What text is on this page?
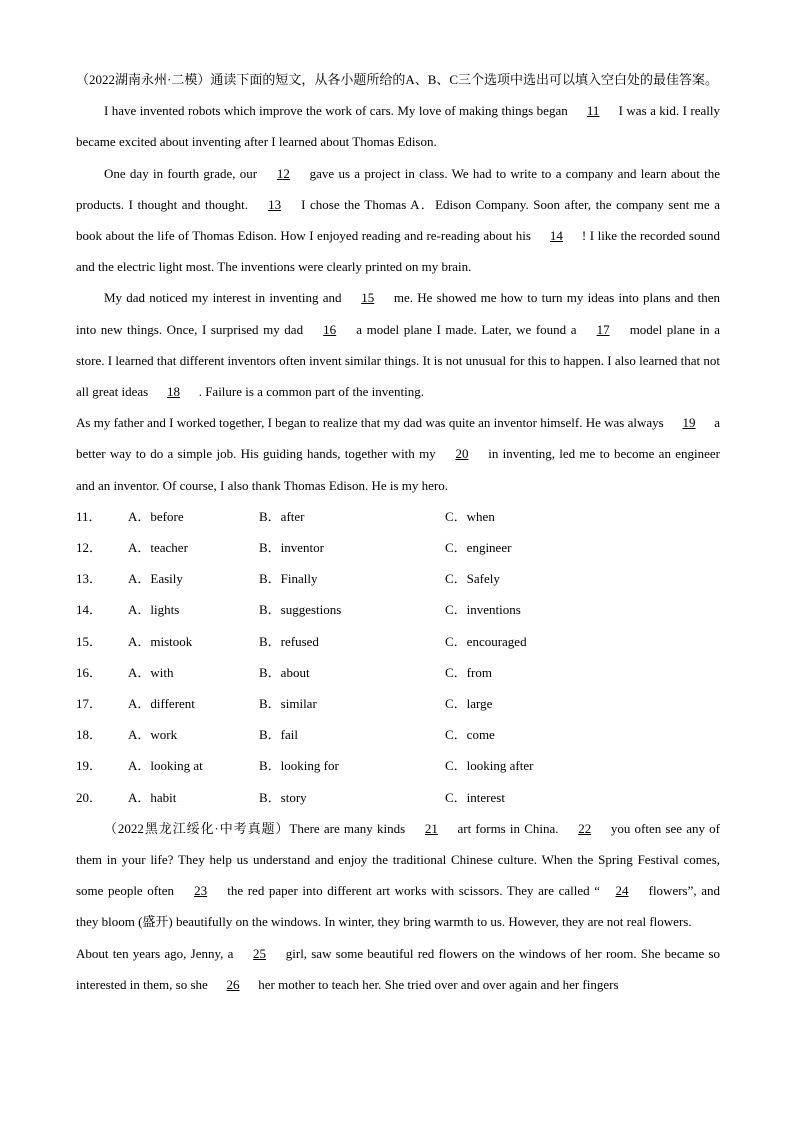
（2022湖南永州·二模）通读下面的短文，从各小题所给的A、B、C三个选项中选出可以填入空白处的最佳答案。

I have invented robots which improve the work of cars. My love of making things began 11 I was a kid. I really became excited about inventing after I learned about Thomas Edison.

One day in fourth grade, our 12 gave us a project in class. We had to write to a company and learn about the products. I thought and thought. 13 I chose the Thomas A．Edison Company. Soon after, the company sent me a book about the life of Thomas Edison. How I enjoyed reading and re-reading about his 14 ! I like the recorded sound and the electric light most. The inventions were clearly printed on my brain.

My dad noticed my interest in inventing and 15 me. He showed me how to turn my ideas into plans and then into new things. Once, I surprised my dad 16 a model plane I made. Later, we found a 17 model plane in a store. I learned that different inventors often invent similar things. It is not unusual for this to happen. I also learned that not all great ideas 18 . Failure is a common part of the inventing.

As my father and I worked together, I began to realize that my dad was quite an inventor himself. He was always 19 a better way to do a simple job. His guiding hands, together with my 20 in inventing, led me to become an engineer and an inventor. Of course, I also thank Thomas Edison. He is my hero.

11．	A．before	B．after	C．when
12．	A．teacher	B．inventor	C．engineer
13．	A．Easily	B．Finally	C．Safely
14．	A．lights	B．suggestions	C．inventions
15．	A．mistook	B．refused	C．encouraged
16．	A．with	B．about	C．from
17．	A．different	B．similar	C．large
18．	A．work	B．fail	C．come
19．	A．looking at	B．looking for	C．looking after
20．	A．habit	B．story	C．interest

（2022黑龙江绥化·中考真题）There are many kinds 21 art forms in China. 22 you often see any of them in your life? They help us understand and enjoy the traditional Chinese culture. When the Spring Festival comes, some people often 23 the red paper into different art works with scissors. They are called “ 24 flowers”, and they bloom (盛开) beautifully on the windows. In winter, they bring warmth to us. However, they are not real flowers.

About ten years ago, Jenny, a 25 girl, saw some beautiful red flowers on the windows of her room. She became so interested in them, so she 26 her mother to teach her. She tried over and over again and her fingers
